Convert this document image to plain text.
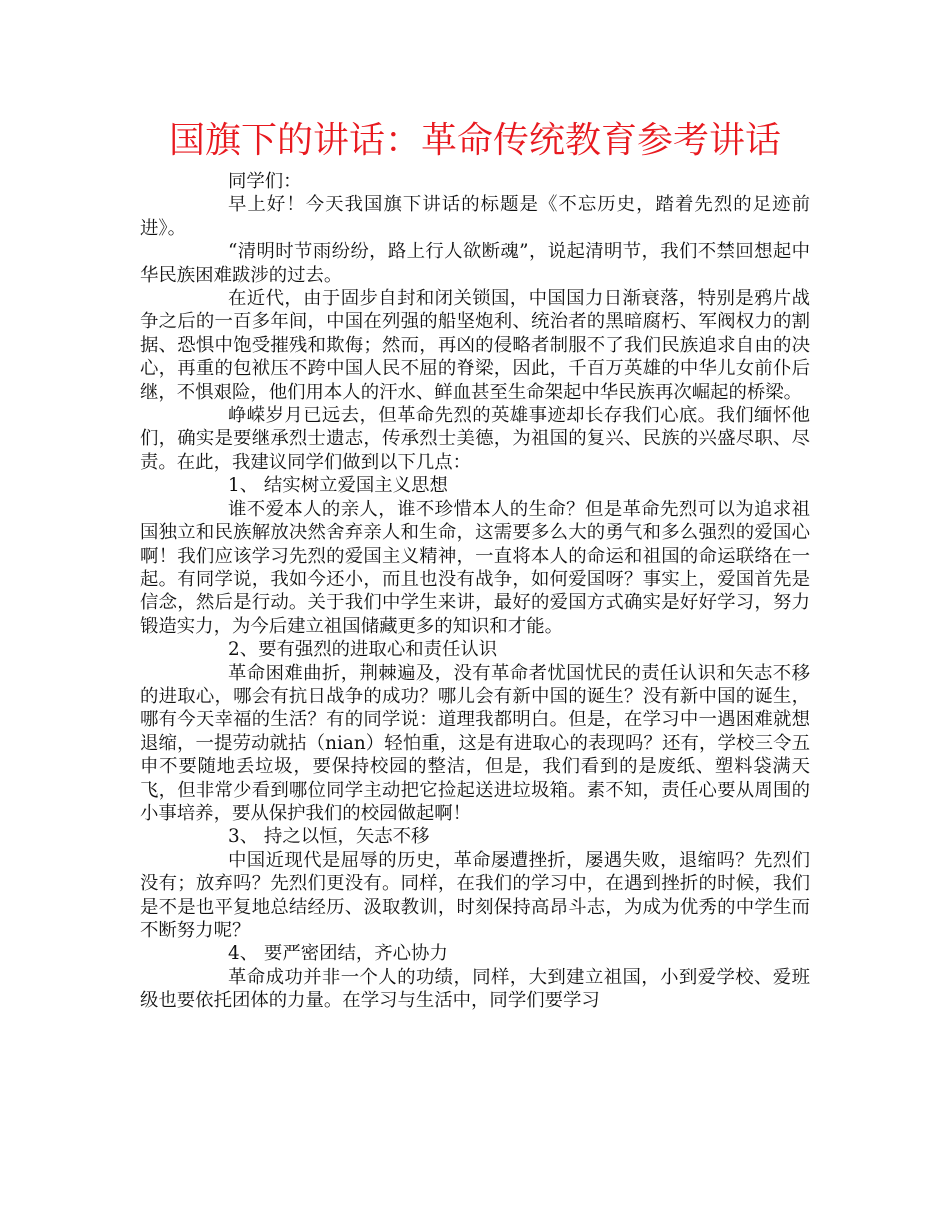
国旗下的讲话：革命传统教育参考讲话

同学们：

早上好！今天我国旗下讲话的标题是《不忘历史，踏着先烈的足迹前进》。

“清明时节雨纷纷，路上行人欲断魂”，说起清明节，我们不禁回想起中华民族困难跋涉的过去。

在近代，由于固步自封和闭关锁国，中国国力日渐衰落，特别是鸦片战争之后的一百多年间，中国在列强的船坚炮利、统治者的黑暗腐朽、军阀权力的割据、恐惧中饱受摧残和欺侮；然而，再凶的侵略者制服不了我们民族追求自由的决心，再重的包袱压不跨中国人民不屈的脊梁，因此，千百万英雄的中华儿女前仆后继，不惧艰险，他们用本人的汗水、鲜血甚至生命架起中华民族再次崛起的桥梁。

峥嵘岁月已远去，但革命先烈的英雄事迹却长存我们心底。我们缅怀他们，确实是要继承烈士遗志，传承烈士美德，为祖国的复兴、民族的兴盛尽职、尽责。在此，我建议同学们做到以下几点：

1、 结实树立爱国主义思想

谁不爱本人的亲人，谁不珍惜本人的生命？但是革命先烈可以为追求祖国独立和民族解放决然舍弃亲人和生命，这需要多么大的勇气和多么强烈的爱国心啊！我们应该学习先烈的爱国主义精神，一直将本人的命运和祖国的命运联络在一起。有同学说，我如今还小，而且也没有战争，如何爱国呀？事实上，爱国首先是信念，然后是行动。关于我们中学生来讲，最好的爱国方式确实是好好学习，努力锻造实力，为今后建立祖国储藏更多的知识和才能。

2、要有强烈的进取心和责任认识

革命困难曲折，荆棘遍及，没有革命者忧国忧民的责任认识和矢志不移的进取心，哪会有抗日战争的成功？哪儿会有新中国的诞生？没有新中国的诞生，哪有今天幸福的生活？有的同学说：道理我都明白。但是，在学习中一遇困难就想退缩，一提劳动就拈（nian）轻怕重，这是有进取心的表现吗？还有，学校三令五申不要随地丢垃圾，要保持校园的整洁，但是，我们看到的是废纸、塑料袋满天飞，但非常少看到哪位同学主动把它捡起送进垃圾箱。素不知，责任心要从周围的小事培养，要从保护我们的校园做起啊！

3、 持之以恒，矢志不移

中国近现代是屈辱的历史，革命屡遭挫折，屡遇失败，退缩吗？先烈们没有；放弃吗？先烈们更没有。同样，在我们的学习中，在遇到挫折的时候，我们是不是也平复地总结经历、汲取教训，时刻保持高昂斗志，为成为优秀的中学生而不断努力呢？

4、 要严密团结，齐心协力

革命成功并非一个人的功绩，同样，大到建立祖国，小到爱学校、爱班级也要依托团体的力量。在学习与生活中，同学们要学习
